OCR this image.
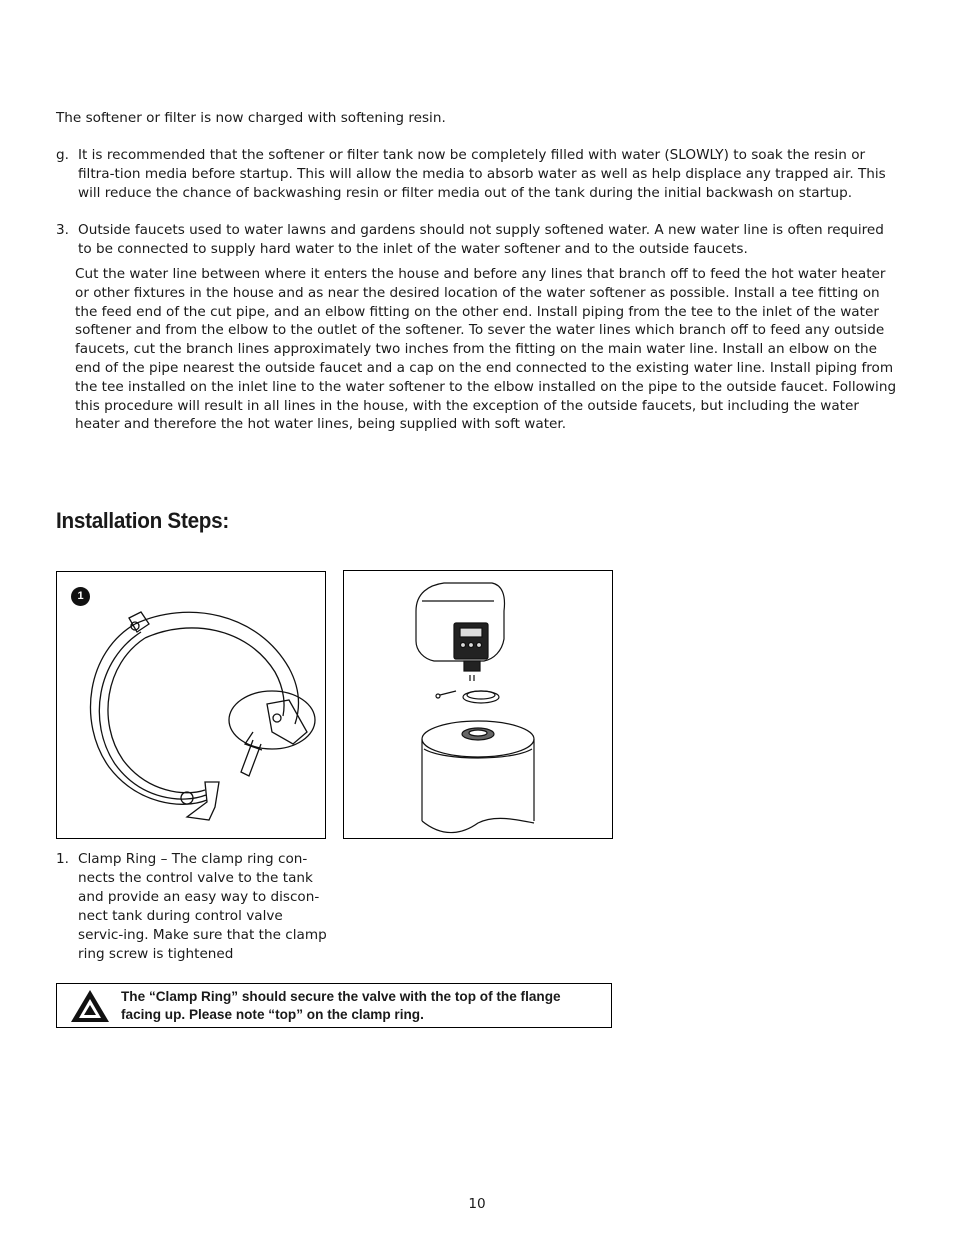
The softener or filter is now charged with softening resin.

g. It is recommended that the softener or filter tank now be completely filled with water (SLOWLY) to soak the resin or filtra-tion media before startup. This will allow the media to absorb water as well as help displace any trapped air. This will reduce the chance of backwashing resin or filter media out of the tank during the initial backwash on startup.

3. Outside faucets used to water lawns and gardens should not supply softened water. A new water line is often required to be connected to supply hard water to the inlet of the water softener and to the outside faucets.

Cut the water line between where it enters the house and before any lines that branch off to feed the hot water heater or other fixtures in the house and as near the desired location of the water softener as possible. Install a tee fitting on the feed end of the cut pipe, and an elbow fitting on the other end. Install piping from the tee to the inlet of the water softener and from the elbow to the outlet of the softener. To sever the water lines which branch off to feed any outside faucets, cut the branch lines approximately two inches from the fitting on the main water line. Install an elbow on the end of the pipe nearest the outside faucet and a cap on the end connected to the existing water line. Install piping from the tee installed on the inlet line to the water softener to the elbow installed on the pipe to the outside faucet. Following this procedure will result in all lines in the house, with the exception of the outside faucets, but including the water heater and therefore the hot water lines, being supplied with soft water.

Installation Steps:
1

1. Clamp Ring – The clamp ring con-nects the control valve to the tank and provide an easy way to discon-nect tank during control valve servic-ing. Make sure that the clamp ring screw is tightened

The “Clamp Ring” should secure the valve with the top of the flange facing up. Please note “top” on the clamp ring.

10
